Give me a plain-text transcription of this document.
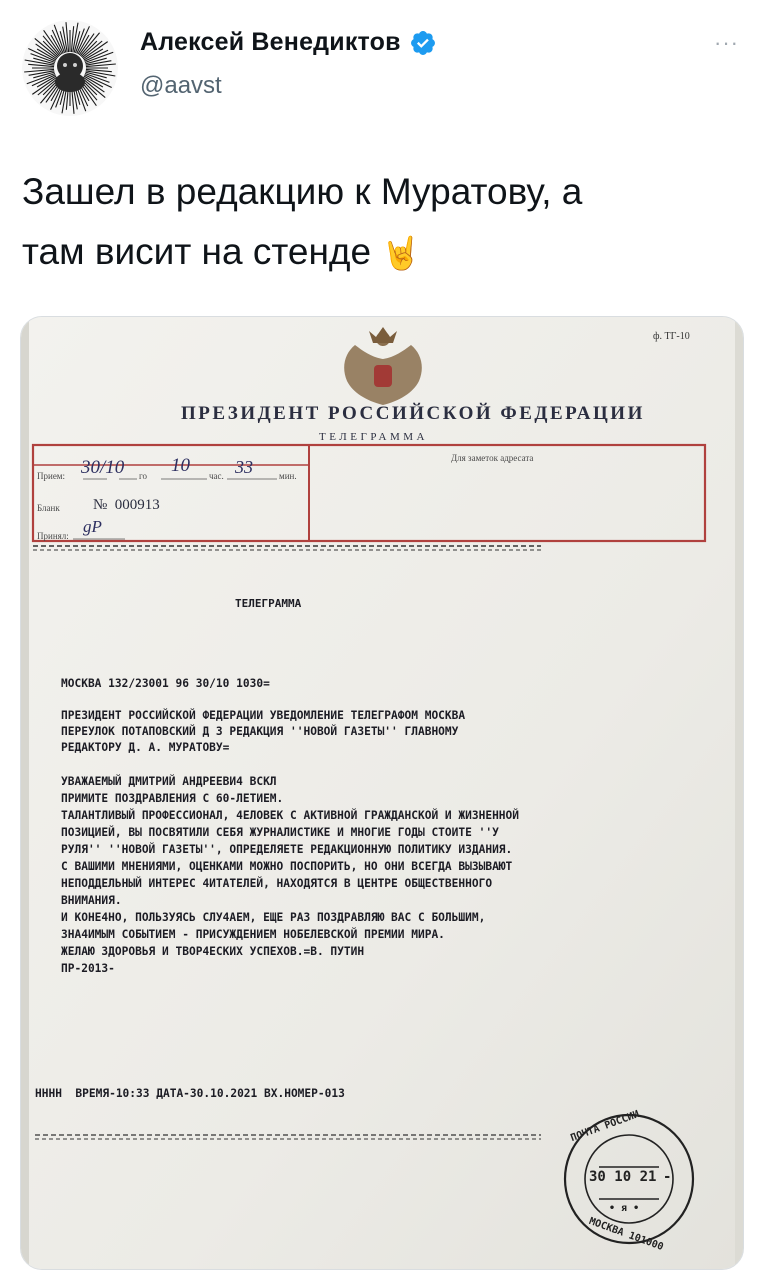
Алексей Венедиктов
@aavst
···
Зашел в редакцию к Муратову, а
там висит на стенде 🤘
ф. ТГ-10
ПРЕЗИДЕНТ РОССИЙСКОЙ ФЕДЕРАЦИИ
ТЕЛЕГРАММА
Прием: 30/10 го 10 час. 33	мин.
Для заметок адресата
Бланк №  000913
Принял: gP
ТЕЛЕГРАММА
МОСКВА 132/23001 96 30/10 1030=
ПРЕЗИДЕНТ РОССИЙСКОЙ ФЕДЕРАЦИИ УВЕДОМЛЕНИЕ ТЕЛЕГРАФОМ МОСКВА
ПЕРЕУЛОК ПОТАПОВСКИЙ Д 3 РЕДАКЦИЯ ''НОВОЙ ГАЗЕТЫ'' ГЛАВНОМУ
РЕДАКТОРУ Д. А. МУРАТОВУ=
УВАЖАЕМЫЙ ДМИТРИЙ АНДРЕЕВИ4 ВСКЛ
ПРИМИТЕ ПОЗДРАВЛЕНИЯ С 60-ЛЕТИЕМ.
ТАЛАНТЛИВЫЙ ПРОФЕССИОНАЛ, 4ЕЛОВЕК С АКТИВНОЙ ГРАЖДАНСКОЙ И ЖИЗНЕННОЙ
ПОЗИЦИЕЙ, ВЫ ПОСВЯТИЛИ СЕБЯ ЖУРНАЛИСТИКЕ И МНОГИЕ ГОДЫ СТОИТЕ ''У
РУЛЯ'' ''НОВОЙ ГАЗЕТЫ'', ОПРЕДЕЛЯЕТЕ РЕДАКЦИОННУЮ ПОЛИТИКУ ИЗДАНИЯ.
С ВАШИМИ МНЕНИЯМИ, ОЦЕНКАМИ МОЖНО ПОСПОРИТЬ, НО ОНИ ВСЕГДА ВЫЗЫВАЮТ
НЕПОДДЕЛЬНЫЙ ИНТЕРЕС 4ИТАТЕЛЕЙ, НАХОДЯТСЯ В ЦЕНТРЕ ОБЩЕСТВЕННОГО
ВНИМАНИЯ.
И КОНЕ4НО, ПОЛЬЗУЯСЬ СЛУ4АЕМ, ЕЩЕ РАЗ ПОЗДРАВЛЯЮ ВАС С БОЛЬШИМ,
ЗНА4ИМЫМ СОБЫТИЕМ - ПРИСУЖДЕНИЕМ НОБЕЛЕВСКОЙ ПРЕМИИ МИРА.
ЖЕЛАЮ ЗДОРОВЬЯ И ТВОР4ЕСКИХ УСПЕХОВ.=В. ПУТИН
ПР-2013-
НННН  ВРЕМЯ-10:33 ДАТА-30.10.2021 ВХ.НОМЕР-013
ПОЧТА РОССИИ
30 10 21 -
• я •
МОСКВА 101000
